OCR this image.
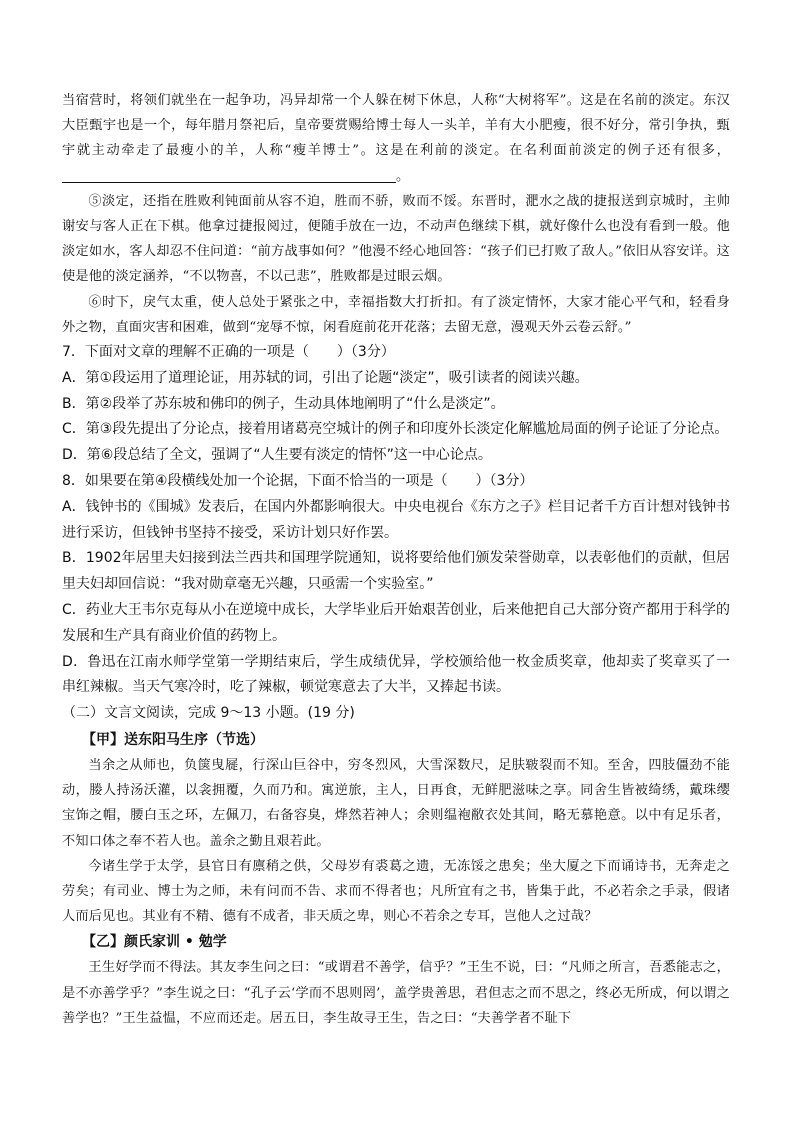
当宿营时，将领们就坐在一起争功，冯异却常一个人躲在树下休息，人称“大树将军”。这是在名前的淡定。东汉大臣甄宇也是一个，每年腊月祭祀后，皇帝要赏赐给博士每人一头羊，羊有大小肥瘦，很不好分，常引争执，甄宇就主动牵走了最瘦小的羊，人称“瘦羊博士”。这是在利前的淡定。在名利面前淡定的例子还有很多，。

⑤淡定，还指在胜败利钝面前从容不迫，胜而不骄，败而不馁。东晋时，淝水之战的捷报送到京城时，主帅谢安与客人正在下棋。他拿过捷报阅过，便随手放在一边，不动声色继续下棋，就好像什么也没有看到一般。他淡定如水，客人却忍不住问道：“前方战事如何？”他漫不经心地回答：“孩子们已打败了敌人。”依旧从容安详。这使是他的淡定涵养，“不以物喜，不以己悲”，胜败都是过眼云烟。

⑥时下，戾气太重，使人总处于紧张之中，幸福指数大打折扣。有了淡定情怀，大家才能心平气和，轻看身外之物，直面灾害和困难，做到“宠辱不惊，闲看庭前花开花落；去留无意，漫观天外云卷云舒。”

7．下面对文章的理解不正确的一项是（　　）（3分）

A．第①段运用了道理论证，用苏轼的词，引出了论题“淡定”，吸引读者的阅读兴趣。

B．第②段举了苏东坡和佛印的例子，生动具体地阐明了“什么是淡定”。

C．第③段先提出了分论点，接着用诸葛亮空城计的例子和印度外长淡定化解尴尬局面的例子论证了分论点。

D．第⑥段总结了全文，强调了“人生要有淡定的情怀”这一中心论点。

8．如果要在第④段横线处加一个论据，下面不恰当的一项是（　　）（3分）

A．钱钟书的《围城》发表后，在国内外都影响很大。中央电视台《东方之子》栏目记者千方百计想对钱钟书进行采访，但钱钟书坚持不接受，采访计划只好作罢。

B．1902年居里夫妇接到法兰西共和国理学院通知，说将要给他们颁发荣誉勋章，以表彰他们的贡献，但居里夫妇却回信说：“我对勋章毫无兴趣，只亟需一个实验室。”

C．药业大王韦尔克每从小在逆境中成长，大学毕业后开始艰苦创业，后来他把自己大部分资产都用于科学的发展和生产具有商业价值的药物上。

D．鲁迅在江南水师学堂第一学期结束后，学生成绩优异，学校颁给他一枚金质奖章，他却卖了奖章买了一串红辣椒。当天气寒冷时，吃了辣椒，顿觉寒意去了大半，又捧起书读。

（二）文言文阅读，完成 9～13 小题。(19 分)

【甲】送东阳马生序（节选）

当余之从师也，负箧曳屣，行深山巨谷中，穷冬烈风，大雪深数尺，足肤皲裂而不知。至舍，四肢僵劲不能动，媵人持汤沃灌，以衾拥覆，久而乃和。寓逆旅，主人，日再食，无鲜肥滋味之享。同舍生皆被绮绣，戴珠缨宝饰之帽，腰白玉之环，左佩刀，右备容臭，烨然若神人；余则缊袍敝衣处其间，略无慕艳意。以中有足乐者，不知口体之奉不若人也。盖余之勤且艰若此。

今诸生学于太学，县官日有廪稍之供，父母岁有裘葛之遗，无冻馁之患矣；坐大厦之下而诵诗书，无奔走之劳矣；有司业、博士为之师，未有问而不告、求而不得者也；凡所宜有之书，皆集于此，不必若余之手录，假诸人而后见也。其业有不精、德有不成者，非天质之卑，则心不若余之专耳，岂他人之过哉？

【乙】颜氏家训 • 勉学

王生好学而不得法。其友李生问之曰：“或谓君不善学，信乎？”王生不说，曰：“凡师之所言，吾悉能志之，是不亦善学乎？”李生说之曰：“孔子云‘学而不思则罔’，盖学贵善思，君但志之而不思之，终必无所成，何以谓之善学也？”王生益愠，不应而还走。居五日，李生故寻王生，告之曰：“夫善学者不耻下
